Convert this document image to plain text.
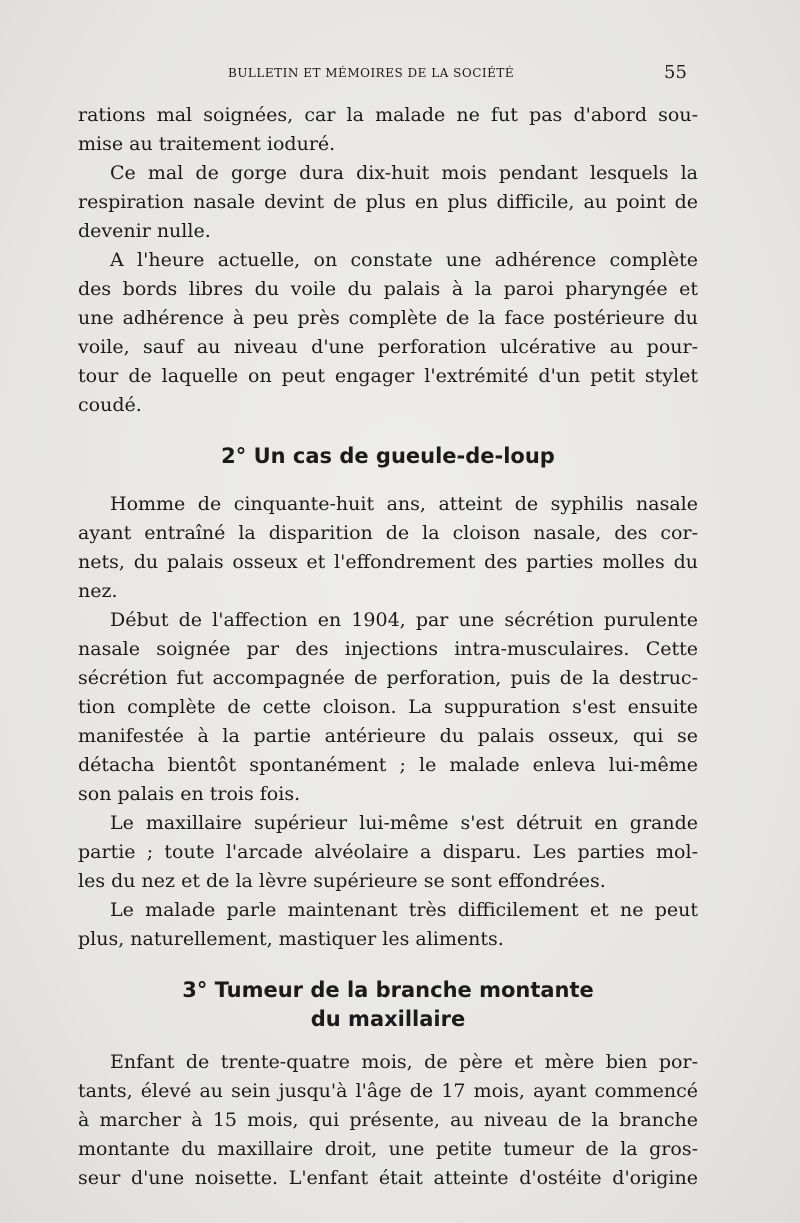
BULLETIN ET MÉMOIRES DE LA SOCIÉTÉ	55
rations mal soignées, car la malade ne fut pas d'abord sou-
mise au traitement ioduré.
Ce mal de gorge dura dix-huit mois pendant lesquels la
respiration nasale devint de plus en plus difficile, au point de
devenir nulle.
A l'heure actuelle, on constate une adhérence complète
des bords libres du voile du palais à la paroi pharyngée et
une adhérence à peu près complète de la face postérieure du
voile, sauf au niveau d'une perforation ulcérative au pour-
tour de laquelle on peut engager l'extrémité d'un petit stylet
coudé.
2° Un cas de gueule-de-loup
Homme de cinquante-huit ans, atteint de syphilis nasale
ayant entraîné la disparition de la cloison nasale, des cor-
nets, du palais osseux et l'effondrement des parties molles du
nez.
Début de l'affection en 1904, par une sécrétion purulente
nasale soignée par des injections intra-musculaires. Cette
sécrétion fut accompagnée de perforation, puis de la destruc-
tion complète de cette cloison. La suppuration s'est ensuite
manifestée à la partie antérieure du palais osseux, qui se
détacha bientôt spontanément ; le malade enleva lui-même
son palais en trois fois.
Le maxillaire supérieur lui-même s'est détruit en grande
partie ; toute l'arcade alvéolaire a disparu. Les parties mol-
les du nez et de la lèvre supérieure se sont effondrées.
Le malade parle maintenant très difficilement et ne peut
plus, naturellement, mastiquer les aliments.
3° Tumeur de la branche montante
du maxillaire
Enfant de trente-quatre mois, de père et mère bien por-
tants, élevé au sein jusqu'à l'âge de 17 mois, ayant commencé
à marcher à 15 mois, qui présente, au niveau de la branche
montante du maxillaire droit, une petite tumeur de la gros-
seur d'une noisette. L'enfant était atteinte d'ostéite d'origine
